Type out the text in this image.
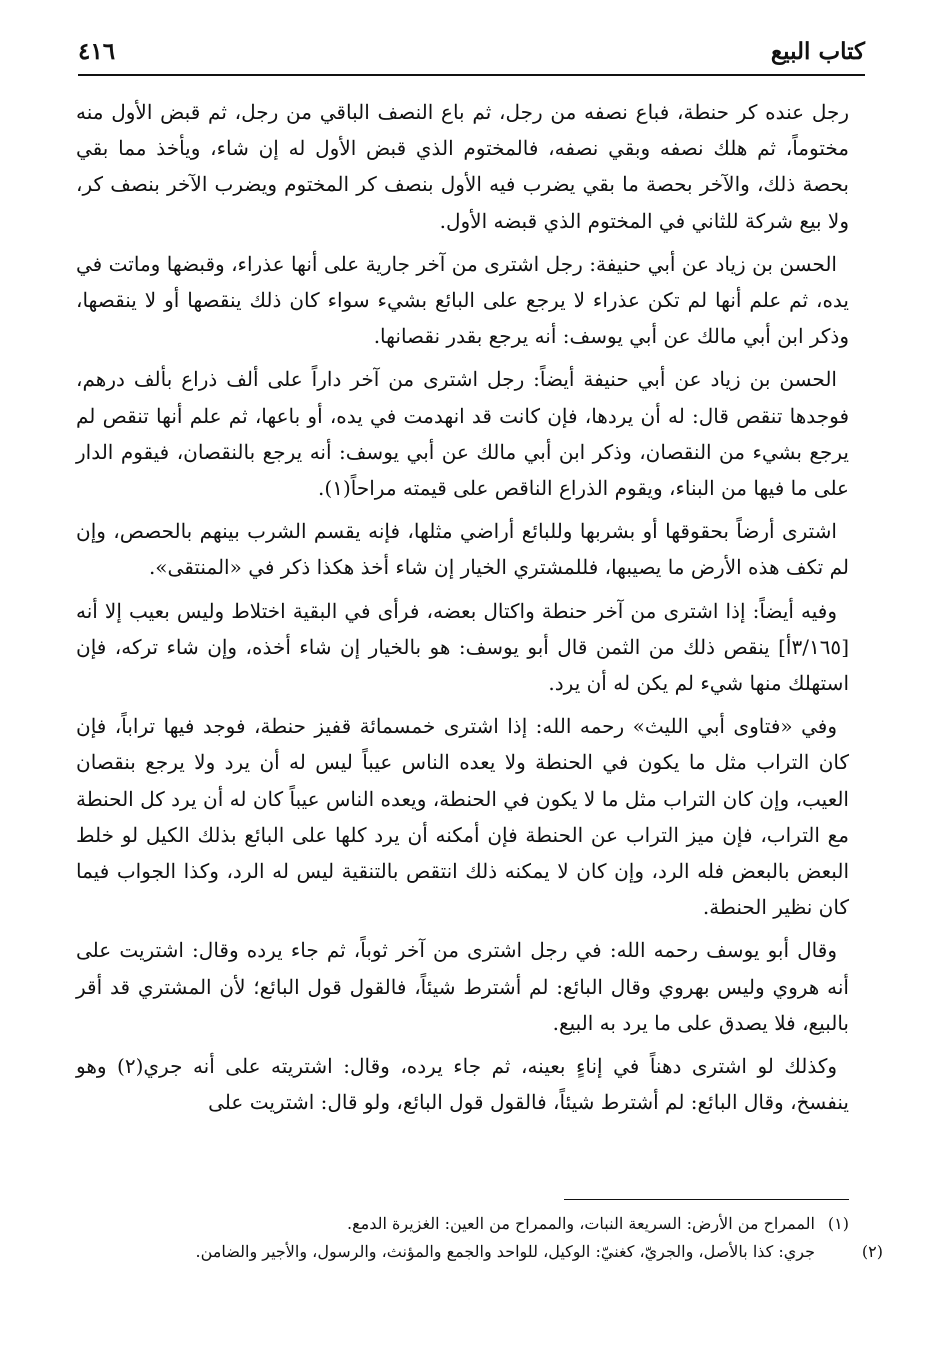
كتاب البيع
٤١٦

رجل عنده كر حنطة، فباع نصفه من رجل، ثم باع النصف الباقي من رجل، ثم قبض الأول منه مختوماً، ثم هلك نصفه وبقي نصفه، فالمختوم الذي قبض الأول له إن شاء، ويأخذ مما بقي بحصة ذلك، والآخر بحصة ما بقي يضرب فيه الأول بنصف كر المختوم ويضرب الآخر بنصف كر، ولا بيع شركة للثاني في المختوم الذي قبضه الأول.

الحسن بن زياد عن أبي حنيفة: رجل اشترى من آخر جارية على أنها عذراء، وقبضها وماتت في يده، ثم علم أنها لم تكن عذراء لا يرجع على البائع بشيء سواء كان ذلك ينقصها أو لا ينقصها، وذكر ابن أبي مالك عن أبي يوسف: أنه يرجع بقدر نقصانها.

الحسن بن زياد عن أبي حنيفة أيضاً: رجل اشترى من آخر داراً على ألف ذراع بألف درهم، فوجدها تنقص قال: له أن يردها، فإن كانت قد انهدمت في يده، أو باعها، ثم علم أنها تنقص لم يرجع بشيء من النقصان، وذكر ابن أبي مالك عن أبي يوسف: أنه يرجع بالنقصان، فيقوم الدار على ما فيها من البناء، ويقوم الذراع الناقص على قيمته مراحاً(١).

اشترى أرضاً بحقوقها أو بشربها وللبائع أراضي مثلها، فإنه يقسم الشرب بينهم بالحصص، وإن لم تكف هذه الأرض ما يصيبها، فللمشتري الخيار إن شاء أخذ هكذا ذكر في «المنتقى».

وفيه أيضاً: إذا اشترى من آخر حنطة واكتال بعضه، فرأى في البقية اختلاط وليس بعيب إلا أنه [٣/١٦٥أ] ينقص ذلك من الثمن قال أبو يوسف: هو بالخيار إن شاء أخذه، وإن شاء تركه، فإن استهلك منها شيء لم يكن له أن يرد.

وفي «فتاوى أبي الليث» رحمه الله: إذا اشترى خمسمائة قفيز حنطة، فوجد فيها تراباً، فإن كان التراب مثل ما يكون في الحنطة ولا يعده الناس عيباً ليس له أن يرد ولا يرجع بنقصان العيب، وإن كان التراب مثل ما لا يكون في الحنطة، ويعده الناس عيباً كان له أن يرد كل الحنطة مع التراب، فإن ميز التراب عن الحنطة فإن أمكنه أن يرد كلها على البائع بذلك الكيل لو خلط البعض بالبعض فله الرد، وإن كان لا يمكنه ذلك انتقص بالتنقية ليس له الرد، وكذا الجواب فيما كان نظير الحنطة.

وقال أبو يوسف رحمه الله: في رجل اشترى من آخر ثوباً، ثم جاء يرده وقال: اشتريت على أنه هروي وليس بهروي وقال البائع: لم أشترط شيئاً، فالقول قول البائع؛ لأن المشتري قد أقر بالبيع، فلا يصدق على ما يرد به البيع.

وكذلك لو اشترى دهناً في إناءٍ بعينه، ثم جاء يرده، وقال: اشتريته على أنه جري(٢) وهو ينفسخ، وقال البائع: لم أشترط شيئاً، فالقول قول البائع، ولو قال: اشتريت على

(١)الممراح من الأرض: السريعة النبات، والممراح من العين: الغزيرة الدمع.

(٢)جري: كذا بالأصل، والجريّ، كغنيّ: الوكيل، للواحد والجمع والمؤنث، والرسول، والأجير والضامن.
